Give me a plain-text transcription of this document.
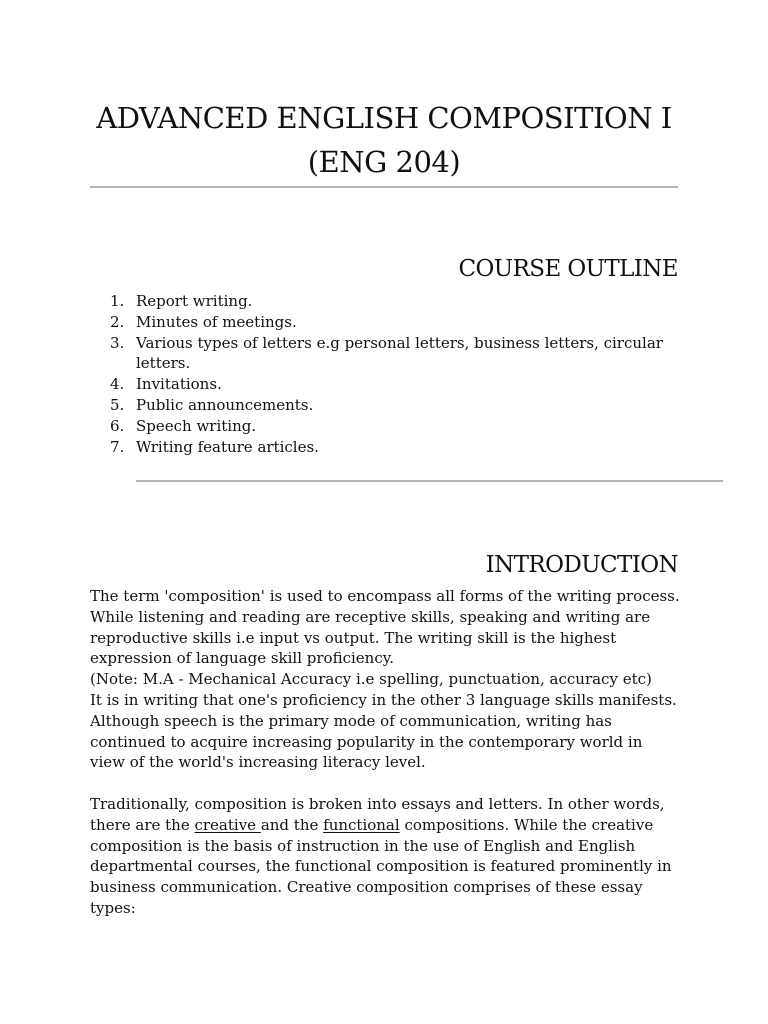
ADVANCED ENGLISH COMPOSITION I
(ENG 204)
COURSE OUTLINE
1. Report writing.
2. Minutes of meetings.
3. Various types of letters e.g personal letters, business letters, circular letters.
4. Invitations.
5. Public announcements.
6. Speech writing.
7. Writing feature articles.
INTRODUCTION

The term 'composition' is used to encompass all forms of the writing process. While listening and reading are receptive skills, speaking and writing are reproductive skills i.e input vs output. The writing skill is the highest expression of language skill proficiency.

(Note: M.A - Mechanical Accuracy i.e spelling, punctuation, accuracy etc)

It is in writing that one's proficiency in the other 3 language skills manifests. Although speech is the primary mode of communication, writing has continued to acquire increasing popularity in the contemporary world in view of the world's increasing literacy level.

Traditionally, composition is broken into essays and letters. In other words, there are the creative and the functional compositions. While the creative composition is the basis of instruction in the use of English and English departmental courses, the functional composition is featured prominently in business communication. Creative composition comprises of these essay types:
